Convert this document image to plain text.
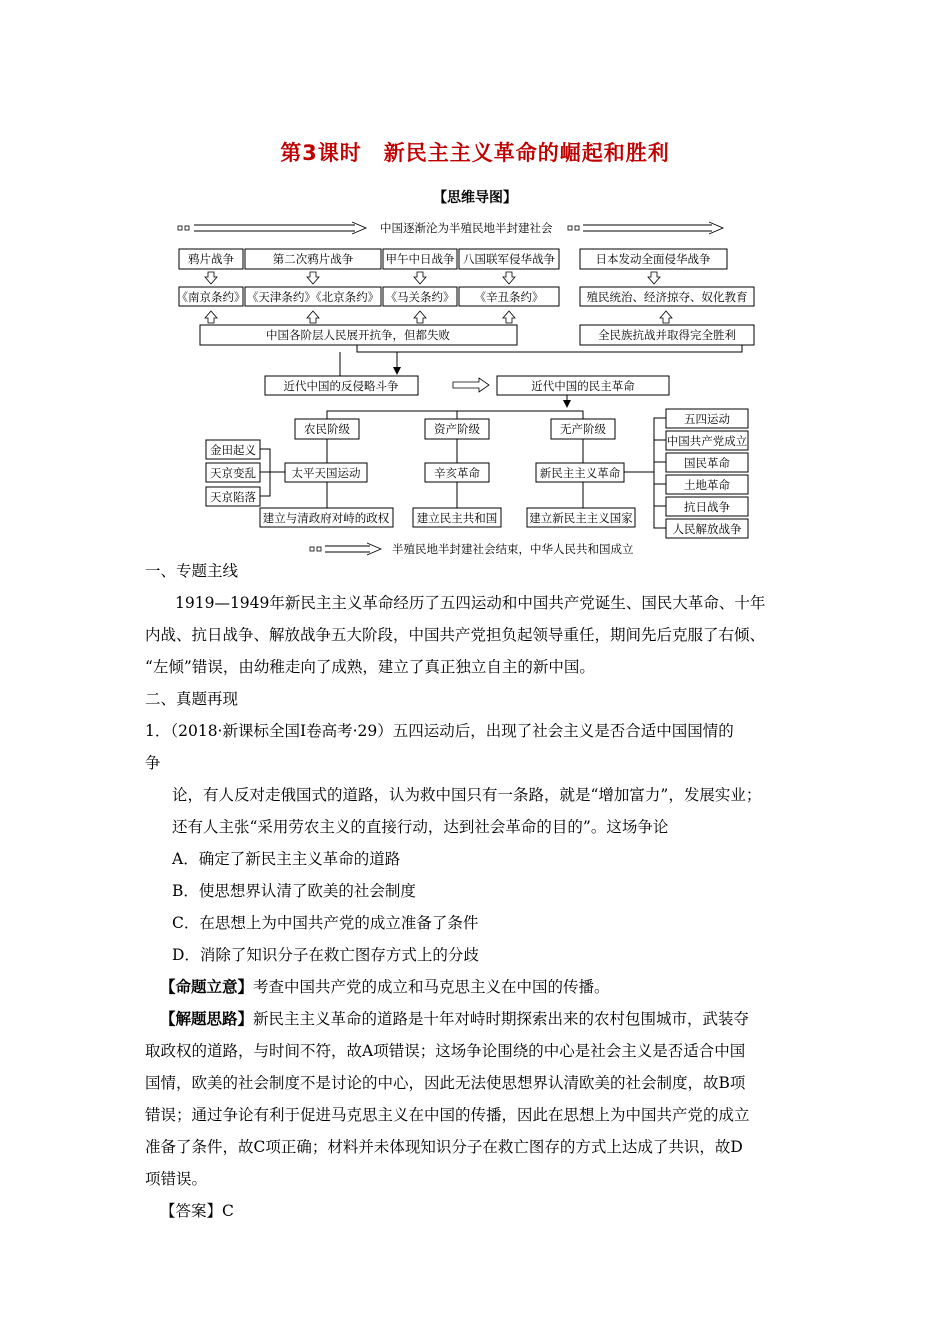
第3课时　新民主主义革命的崛起和胜利
【思维导图】
中国逐渐沦为半殖民地半封建社会
鸦片战争	第二次鸦片战争	甲午中日战争 八国联军侵华战争	日本发动全面侵华战争
《南京条约》 《天津条约》《北京条约》 《马关条约》 《辛丑条约》	殖民统治、经济掠夺、奴化教育
中国各阶层人民展开抗争，但都失败	全民族抗战并取得完全胜利
近代中国的反侵略斗争	近代中国的民主革命
农民阶级	资产阶级	无产阶级
金田起义
天京变乱
天京陷落
太平天国运动	辛亥革命	新民主主义革命
建立与清政府对峙的政权 建立民主共和国	建立新民主主义国家
五四运动
中国共产党成立
国民革命
土地革命
抗日战争
人民解放战争
半殖民地半封建社会结束，中华人民共和国成立
一、专题主线
1919—1949年新民主主义革命经历了五四运动和中国共产党诞生、国民大革命、十年
内战、抗日战争、解放战争五大阶段，中国共产党担负起领导重任，期间先后克服了右倾、
“左倾”错误，由幼稚走向了成熟，建立了真正独立自主的新中国。
二、真题再现
1．（2018·新课标全国Ⅰ卷高考·29）五四运动后，出现了社会主义是否合适中国国情的
争
论，有人反对走俄国式的道路，认为救中国只有一条路，就是“增加富力”，发展实业；
还有人主张“采用劳农主义的直接行动，达到社会革命的目的”。这场争论
A．确定了新民主主义革命的道路
B．使思想界认清了欧美的社会制度
C．在思想上为中国共产党的成立准备了条件
D．消除了知识分子在救亡图存方式上的分歧
【命题立意】考查中国共产党的成立和马克思主义在中国的传播。
【解题思路】新民主主义革命的道路是十年对峙时期探索出来的农村包围城市，武装夺
取政权的道路，与时间不符，故A项错误；这场争论围绕的中心是社会主义是否适合中国
国情，欧美的社会制度不是讨论的中心，因此无法使思想界认清欧美的社会制度，故B项
错误；通过争论有利于促进马克思主义在中国的传播，因此在思想上为中国共产党的成立
准备了条件，故C项正确；材料并未体现知识分子在救亡图存的方式上达成了共识，故D
项错误。
【答案】C
